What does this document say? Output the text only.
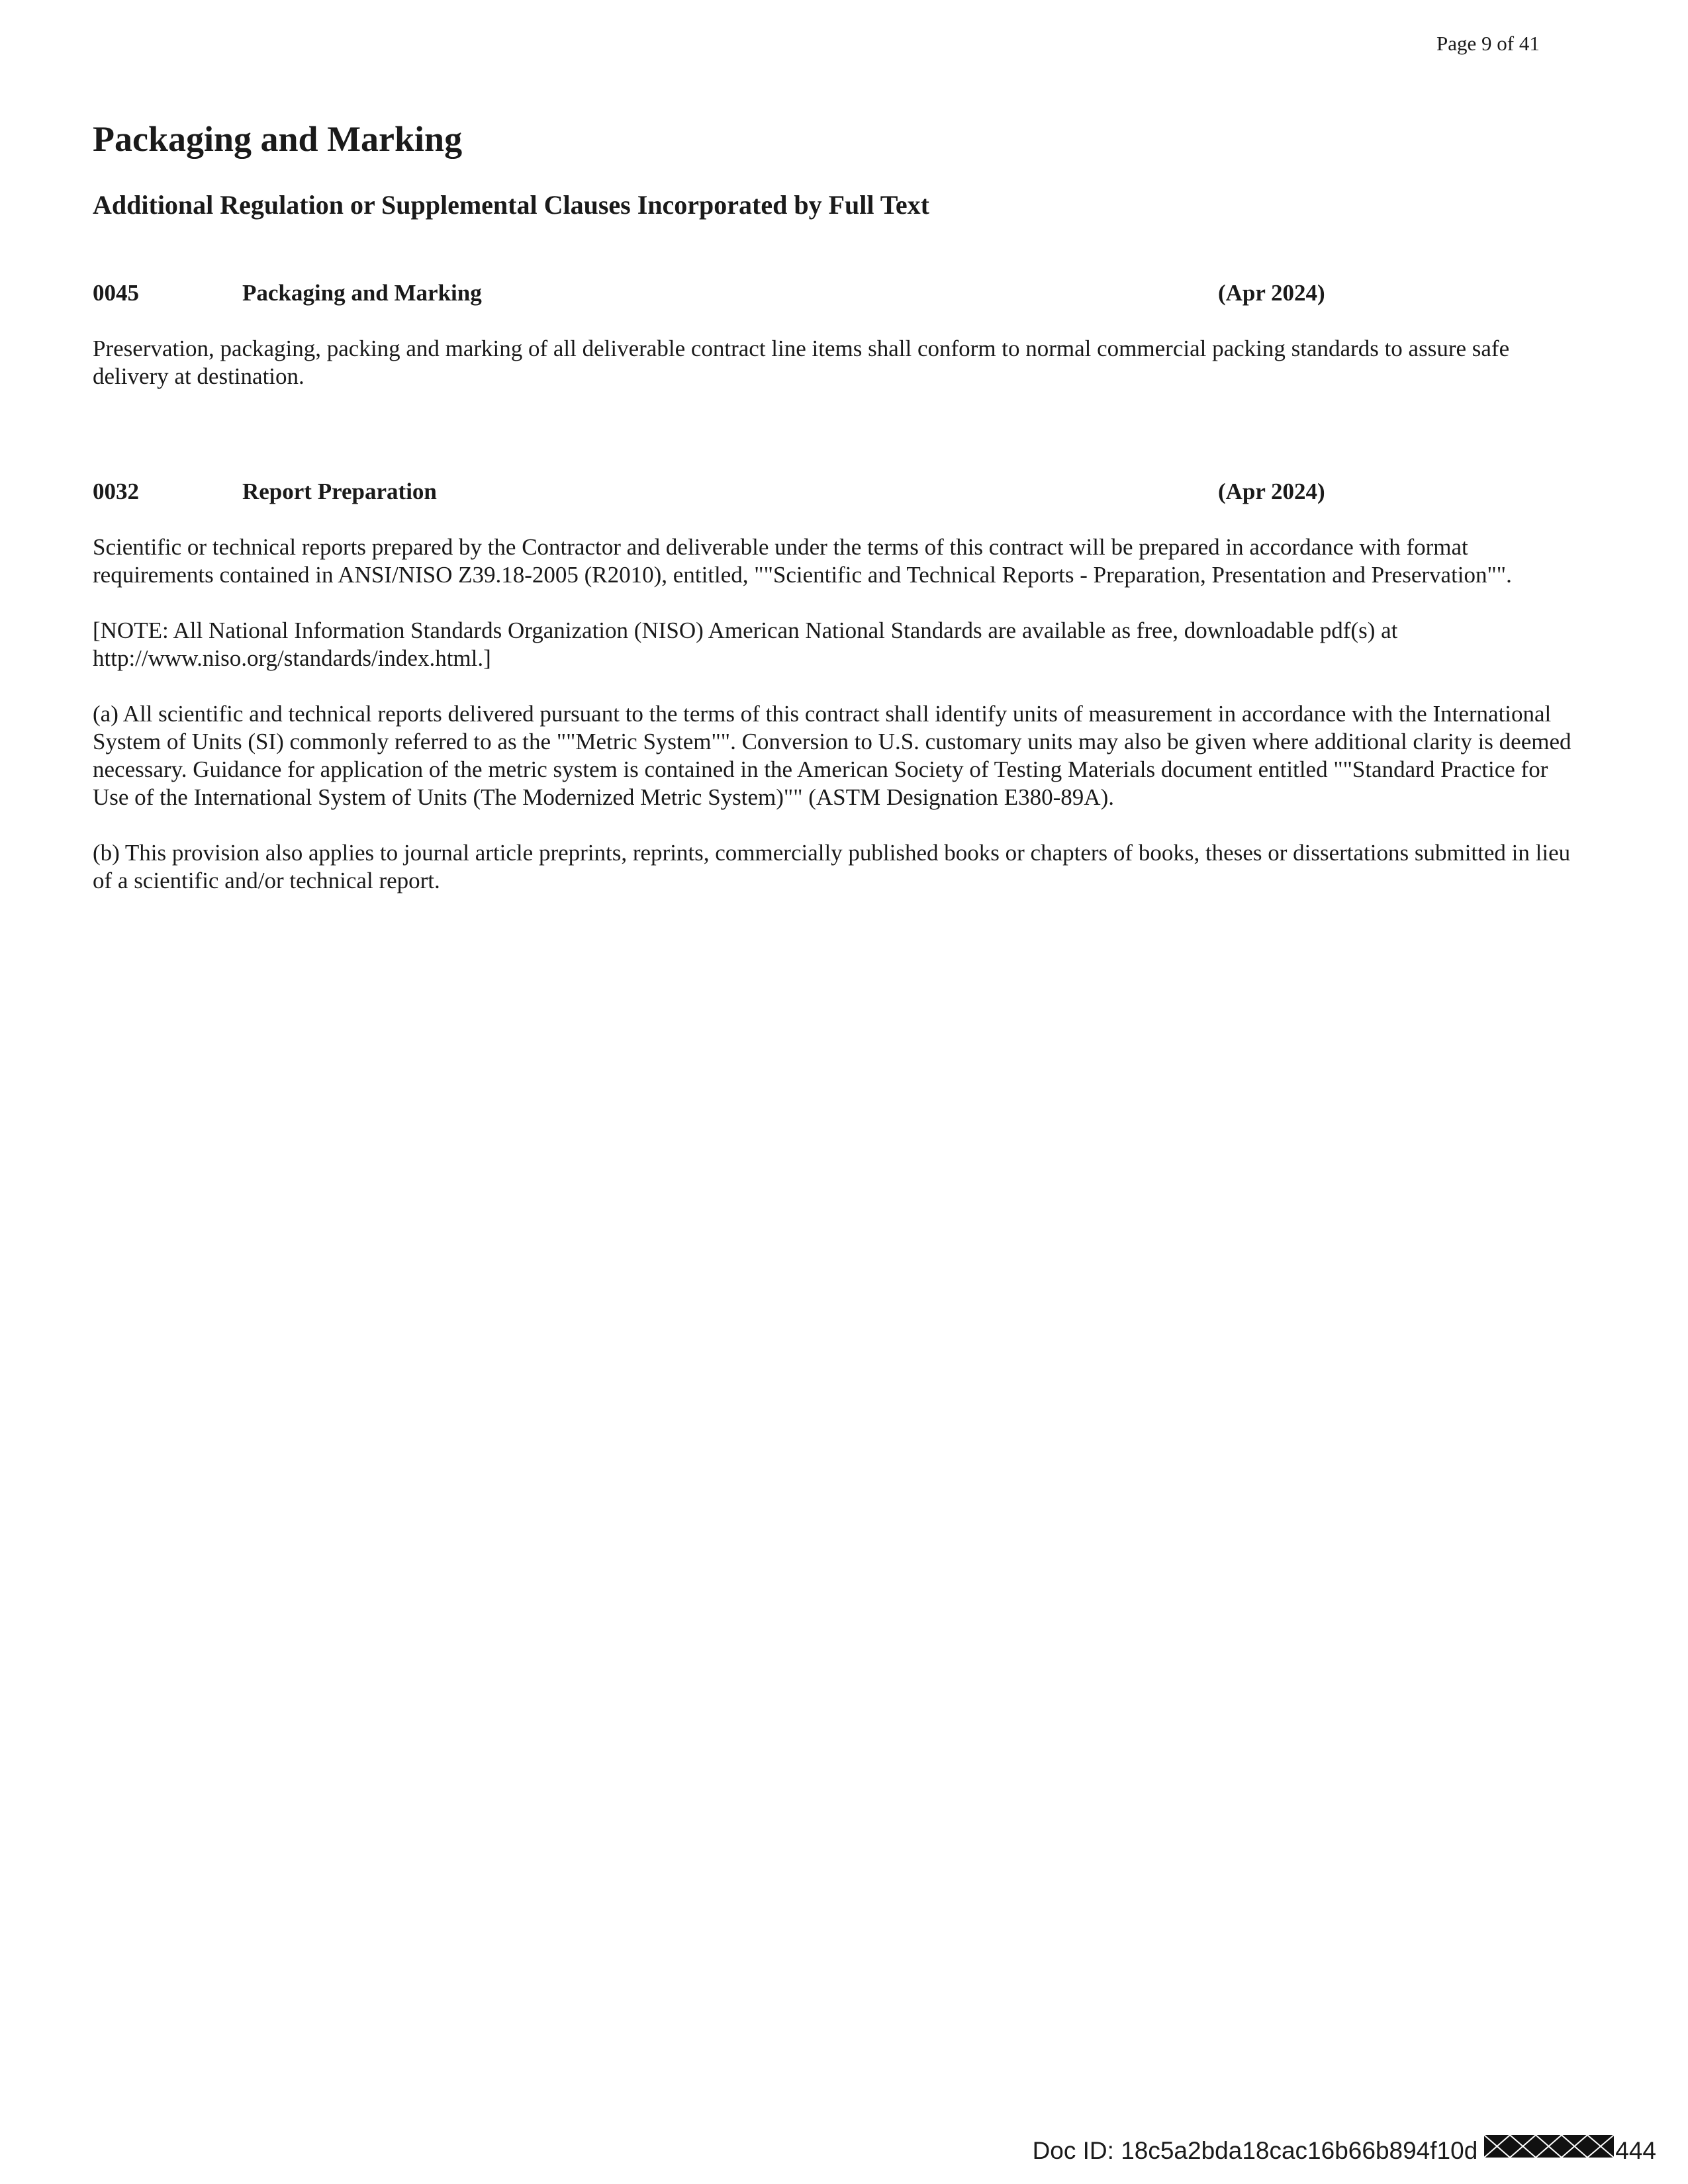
Page 9 of 41
Packaging and Marking
Additional Regulation or Supplemental Clauses Incorporated by Full Text
0045	Packaging and Marking	(Apr 2024)

Preservation, packaging, packing and marking of all deliverable contract line items shall conform to normal commercial packing standards to assure safe delivery at destination.

0032	Report Preparation	(Apr 2024)

Scientific or technical reports prepared by the Contractor and deliverable under the terms of this contract will be prepared in accordance with format requirements contained in ANSI/NISO Z39.18-2005 (R2010), entitled, ""Scientific and Technical Reports - Preparation, Presentation and Preservation"".

[NOTE: All National Information Standards Organization (NISO) American National Standards are available as free, downloadable pdf(s) at http://www.niso.org/standards/index.html.]

(a) All scientific and technical reports delivered pursuant to the terms of this contract shall identify units of measurement in accordance with the International System of Units (SI) commonly referred to as the ""Metric System"". Conversion to U.S. customary units may also be given where additional clarity is deemed necessary. Guidance for application of the metric system is contained in the American Society of Testing Materials document entitled ""Standard Practice for Use of the International System of Units (The Modernized Metric System)"" (ASTM Designation E380-89A).

(b) This provision also applies to journal article preprints, reprints, commercially published books or chapters of books, theses or dissertations submitted in lieu of a scientific and/or technical report.

Doc ID: 18c5a2bda18cac16b66b894f10d	444
